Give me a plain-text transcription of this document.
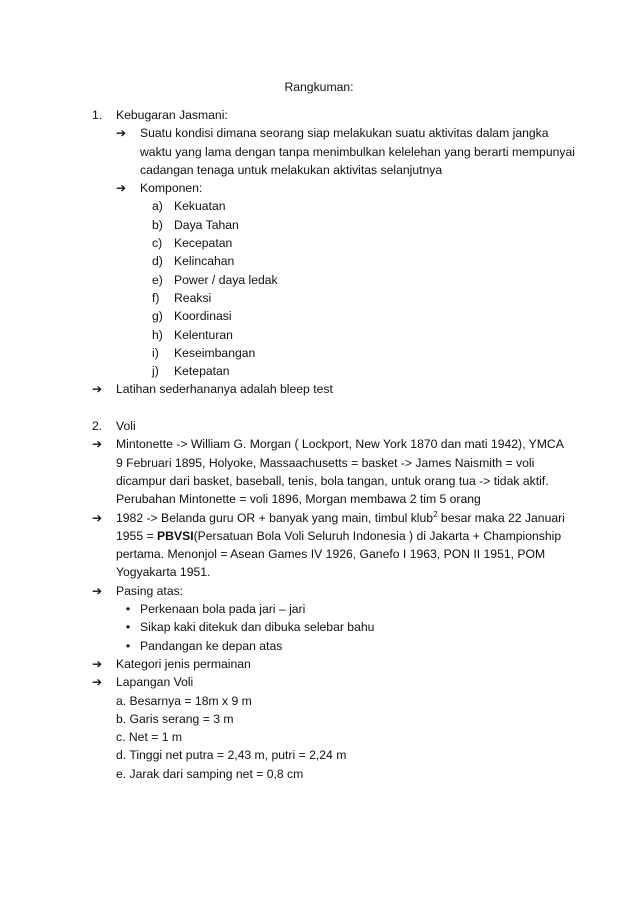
Rangkuman:
1.	Kebugaran Jasmani:
➔	Suatu kondisi dimana seorang siap melakukan suatu aktivitas dalam jangka
waktu yang lama dengan tanpa menimbulkan kelelehan yang berarti mempunyai
cadangan tenaga untuk melakukan aktivitas selanjutnya
➔	Komponen:
a) Kekuatan
b) Daya Tahan
c) Kecepatan
d) Kelincahan
e) Power / daya ledak
f)	Reaksi
g) Koordinasi
h) Kelenturan
i)	Keseimbangan
j)	Ketepatan
➔	Latihan sederhananya adalah bleep test
2.	Voli
➔	Mintonette -> William G. Morgan ( Lockport, New York 1870 dan mati 1942), YMCA
9 Februari 1895, Holyoke, Massaachusetts = basket -> James Naismith = voli
dicampur dari basket, baseball, tenis, bola tangan, untuk orang tua -> tidak aktif.
Perubahan Mintonette = voli 1896, Morgan membawa 2 tim 5 orang
➔	1982 -> Belanda guru OR + banyak yang main, timbul klub$^2$ besar maka 22 Januari
1955 = PBVSI(Persatuan Bola Voli Seluruh Indonesia ) di Jakarta + Championship
pertama. Menonjol = Asean Games IV 1926, Ganefo I 1963, PON II 1951, POM
Yogyakarta 1951.
➔	Pasing atas:
• Perkenaan bola pada jari – jari
• Sikap kaki ditekuk dan dibuka selebar bahu
• Pandangan ke depan atas
➔	Kategori jenis permainan
➔	Lapangan Voli
a. Besarnya = 18m x 9 m
b. Garis serang = 3 m
c. Net = 1 m
d. Tinggi net putra = 2,43 m, putri = 2,24 m
e. Jarak dari samping net = 0,8 cm
